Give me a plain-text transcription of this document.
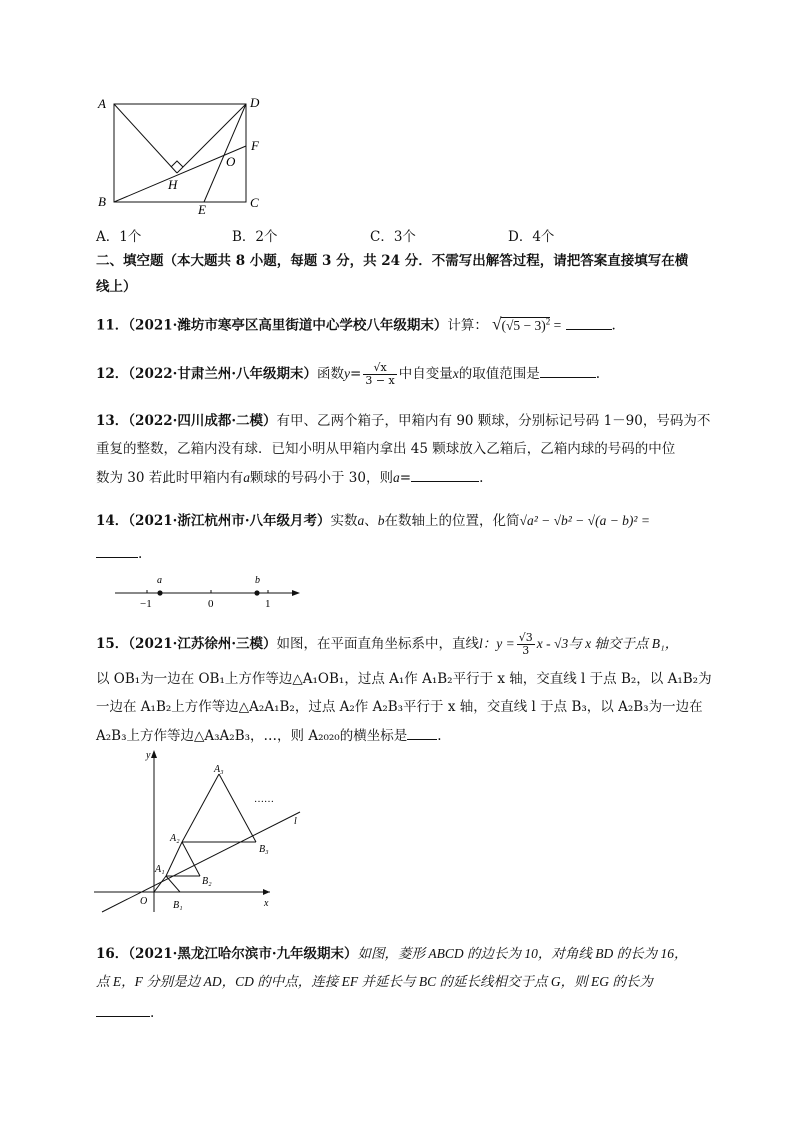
A	D
F
O
H
B
E	C
A．1个	B．2个	C．3个	D．4个
二、填空题（本大题共 8 小题，每题 3 分，共 24 分．不需写出解答过程，请把答案直接填写在横
线上）
11．（2021·潍坊市寒亭区高里街道中心学校八年级期末）计算： $√(√5 - 3)^2$ =	.
12．（2022·甘肃兰州·八年级期末）函数$y= \frac{√x}{3 - x}$ 中自变量x的取值范围是	.
13．（2022·四川成都·二模）有甲、乙两个箱子，甲箱内有 90 颗球，分别标记号码 1－90，号码为不
重复的整数，乙箱内没有球．已知小明从甲箱内拿出 45 颗球放入乙箱后，乙箱内球的号码的中位
数为 30 若此时甲箱内有a颗球的号码小于 30，则a=	.
14．（2021·浙江杭州市·八年级月考）实数a、b在数轴上的位置，化简√a² − √b² − √(a − b)² =
.
a	b
−1	0	1
15．（2021·江苏徐州·三模）如图，在平面直角坐标系中，直线l：$y = \frac{√3}{3}$ x - √3与 x 轴交于点 B₁，
以 OB₁为一边在 OB₁上方作等边△A₁OB₁，过点 A₁作 A₁B₂平行于 x 轴，交直线 l 于点 B₂，以 A₁B₂为
一边在 A₁B₂上方作等边△A₂A₁B₂，过点 A₂作 A₂B₃平行于 x 轴，交直线 l 于点 B₃，以 A₂B₃为一边在
A₂B₃上方作等边△A₃A₂B₃，…，则 A₂₀₂₀的横坐标是 .
y
x
O
l
A₁
A₂
A₃
B₁
B₂
B₃
……
16．（2021·黑龙江哈尔滨市·九年级期末）如图，菱形 ABCD 的边长为 10，对角线 BD 的长为 16，
点 E，F 分别是边 AD，CD 的中点，连接 EF 并延长与 BC 的延长线相交于点 G，则 EG 的长为
.
